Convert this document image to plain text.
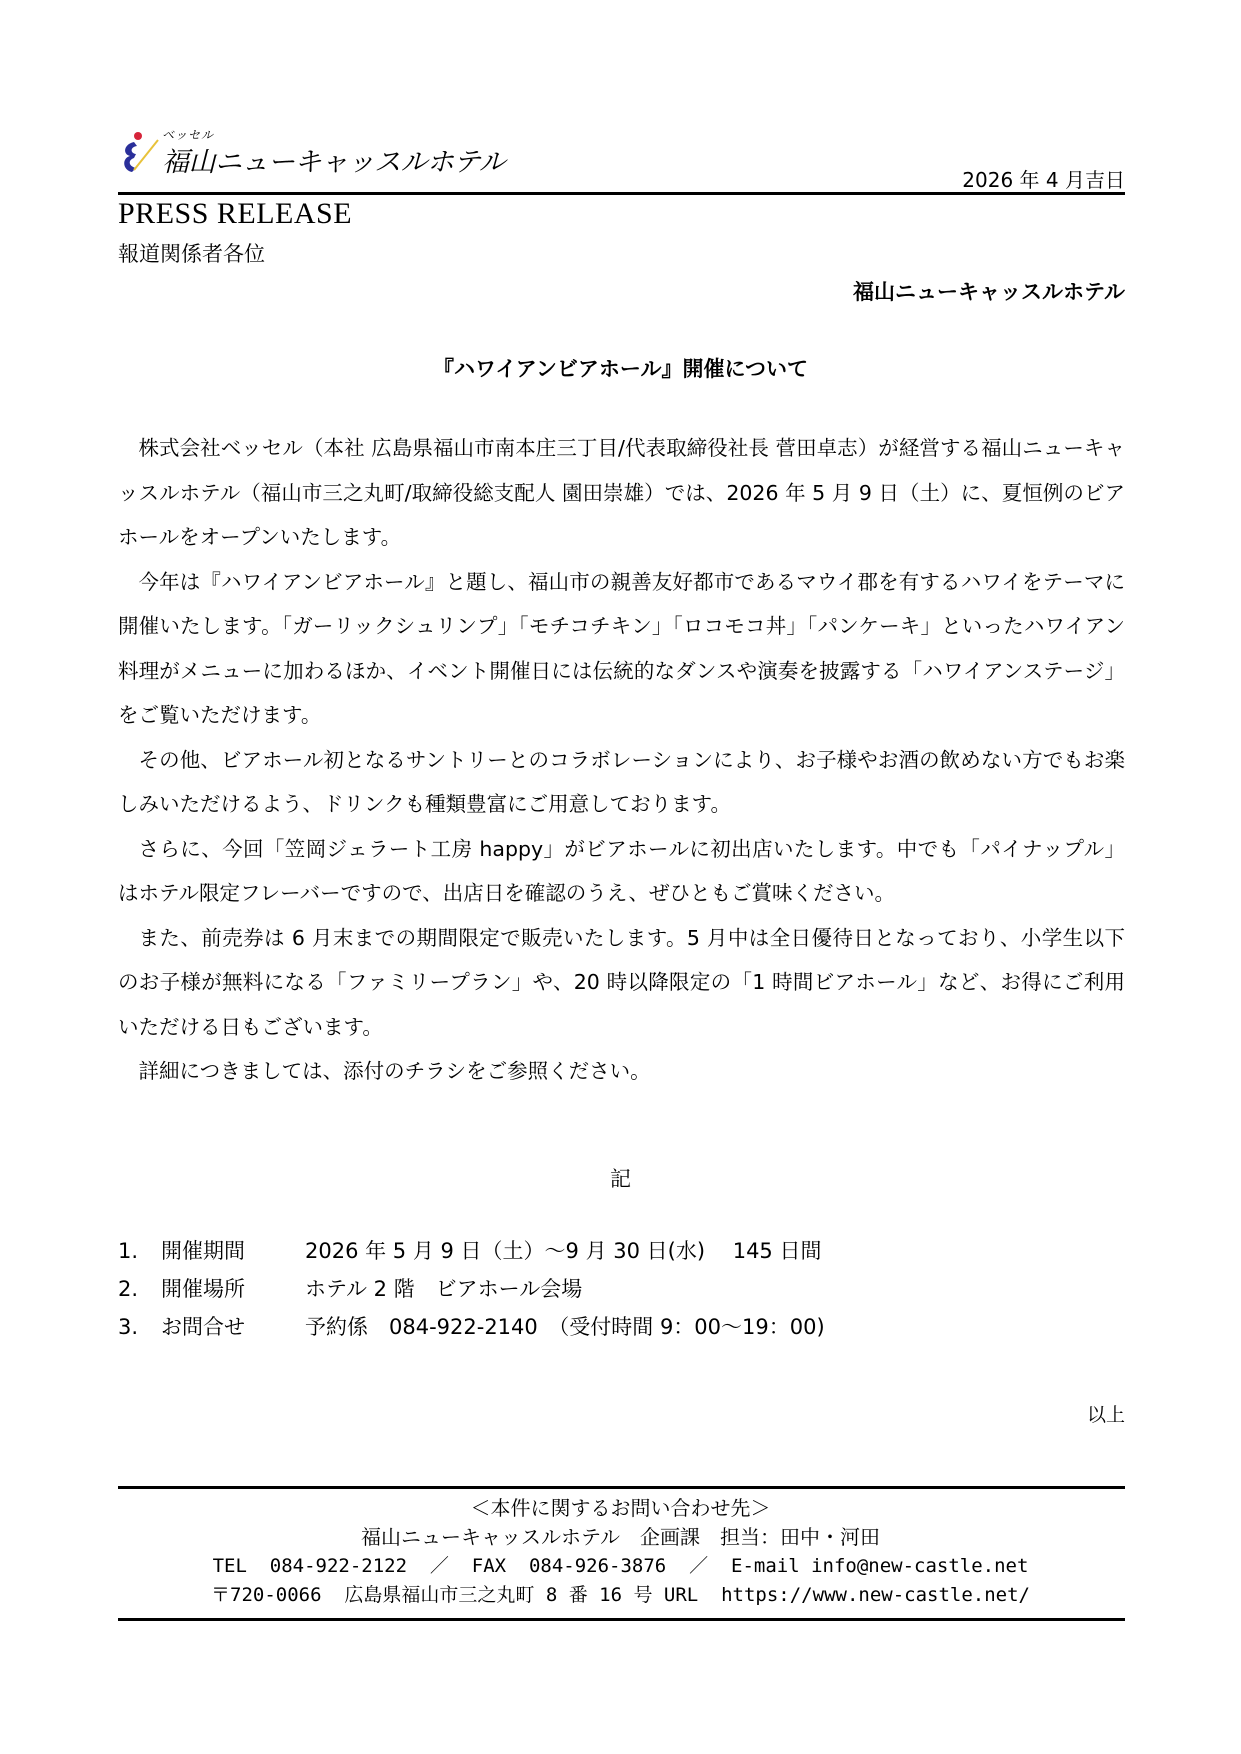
ベッセル
福山ニューキャッスルホテル
2026 年 4 月吉日
PRESS RELEASE
報道関係者各位
福山ニューキャッスルホテル
『ハワイアンビアホール』開催について

株式会社ベッセル（本社 広島県福山市南本庄三丁目/代表取締役社長 菅田卓志）が経営する福山ニューキャッスルホテル（福山市三之丸町/取締役総支配人 園田崇雄）では、2026 年 5 月 9 日（土）に、夏恒例のビアホールをオープンいたします。

今年は『ハワイアンビアホール』と題し、福山市の親善友好都市であるマウイ郡を有するハワイをテーマに開催いたします。「ガーリックシュリンプ」「モチコチキン」「ロコモコ丼」「パンケーキ」といったハワイアン料理がメニューに加わるほか、イベント開催日には伝統的なダンスや演奏を披露する「ハワイアンステージ」をご覧いただけます。

その他、ビアホール初となるサントリーとのコラボレーションにより、お子様やお酒の飲めない方でもお楽しみいただけるよう、ドリンクも種類豊富にご用意しております。

さらに、今回「笠岡ジェラート工房 happy」がビアホールに初出店いたします。中でも「パイナップル」はホテル限定フレーバーですので、出店日を確認のうえ、ぜひともご賞味ください。

また、前売券は 6 月末までの期間限定で販売いたします。5 月中は全日優待日となっており、小学生以下のお子様が無料になる「ファミリープラン」や、20 時以降限定の「1 時間ビアホール」など、お得にご利用いただける日もございます。

詳細につきましては、添付のチラシをご参照ください。

記
1.	開催期間	2026 年 5 月 9 日（土）～9 月 30 日(水)　 145 日間
2.	開催場所	ホテル 2 階　ビアホール会場
3.	お問合せ	予約係　084-922-2140　（受付時間 9：00～19：00)
以上
＜本件に関するお問い合わせ先＞
福山ニューキャッスルホテル　企画課　担当：田中・河田
TEL  084-922-2122  ／  FAX  084-926-3876  ／  E-mail info@new-castle.net
〒720-0066  広島県福山市三之丸町 8 番 16 号 URL  https://www.new-castle.net/
